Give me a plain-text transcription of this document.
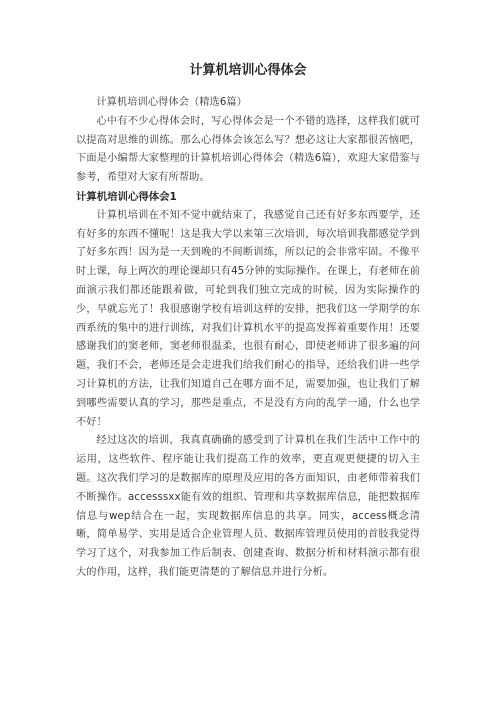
计算机培训心得体会

计算机培训心得体会（精选6篇）

心中有不少心得体会时，写心得体会是一个不错的选择，这样我们就可以提高对思维的训练。那么心得体会该怎么写？想必这让大家都很苦恼吧，下面是小编帮大家整理的计算机培训心得体会（精选6篇），欢迎大家借鉴与参考，希望对大家有所帮助。

计算机培训心得体会1

计算机培训在不知不觉中就结束了，我感觉自己还有好多东西要学，还有好多的东西不懂呢！这是我大学以来第三次培训，每次培训我都感觉学到了好多东西！因为是一天到晚的不间断训练，所以记的会非常牢固。不像平时上课，每上两次的理论课却只有45分钟的实际操作。在课上，有老师在前面演示我们都还能跟着做，可轮到我们独立完成的时候，因为实际操作的少，早就忘光了！我很感谢学校有培训这样的安排，把我们这一学期学的东西系统的集中的进行训练，对我们计算机水平的提高发挥着重要作用！还要感谢我们的窦老师，窦老师很温柔，也很有耐心，即使老师讲了很多遍的问题，我们不会，老师还是会走进我们给我们耐心的指导，还给我们讲一些学习计算机的方法，让我们知道自己在哪方面不足，需要加强，也让我们了解到哪些需要认真的学习，那些是重点，不是没有方向的乱学一通，什么也学不好！

经过这次的培训，我真真确确的感受到了计算机在我们生活中工作中的运用，这些软件、程序能让我们提高工作的效率，更直观更便捷的切入主题。这次我们学习的是数据库的原理及应用的各方面知识，由老师带着我们不断操作。accesssxx能有效的组织、管理和共享数据库信息，能把数据库信息与wep结合在一起，实现数据库信息的共享。同实，access概念清晰，简单易学、实用是适合企业管理人员、数据库管理员使用的首肢我觉得学习了这个，对我参加工作后制表、创建查询、数据分析和材料演示都有很大的作用，这样，我们能更清楚的了解信息并进行分析。
